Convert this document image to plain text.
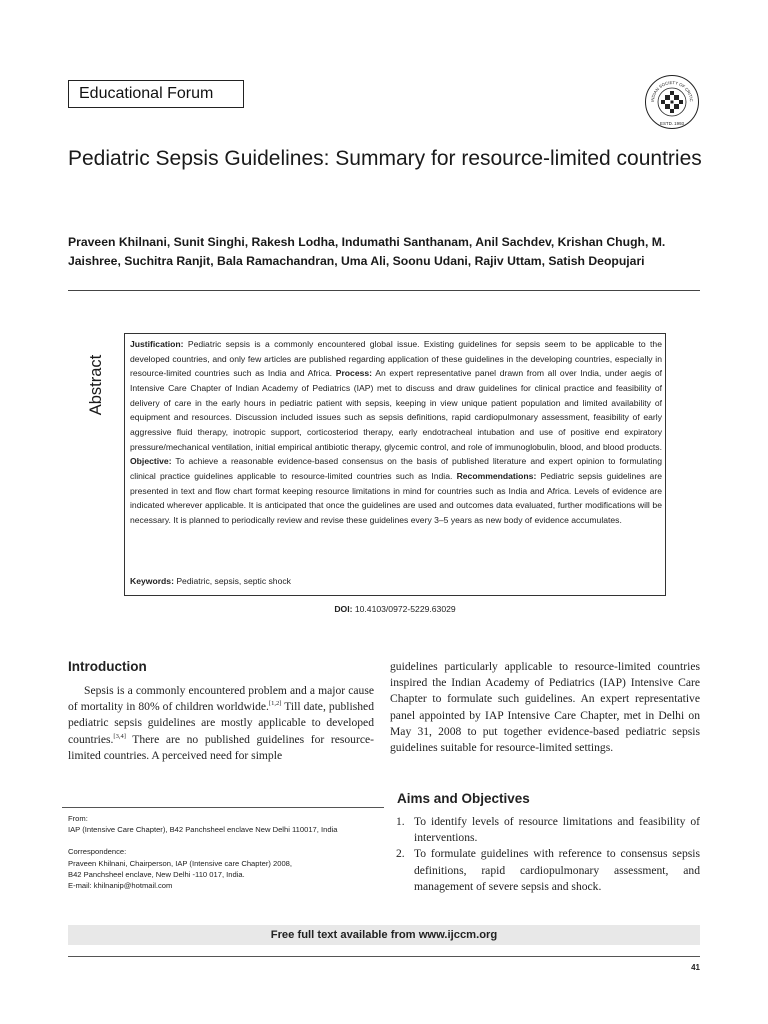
Educational Forum	INDIAN SOCIETY OF CRITIC
ESTD. 1993
Pediatric Sepsis Guidelines: Summary for resource-limited countries
Praveen Khilnani, Sunit Singhi, Rakesh Lodha, Indumathi Santhanam, Anil Sachdev, Krishan Chugh, M. Jaishree, Suchitra Ranjit, Bala Ramachandran, Uma Ali, Soonu Udani, Rajiv Uttam, Satish Deopujari
Abstract
Justification: Pediatric sepsis is a commonly encountered global issue. Existing guidelines for sepsis seem to be applicable to the developed countries, and only few articles are published regarding application of these guidelines in the developing countries, especially in resource-limited countries such as India and Africa. Process: An expert representative panel drawn from all over India, under aegis of Intensive Care Chapter of Indian Academy of Pediatrics (IAP) met to discuss and draw guidelines for clinical practice and feasibility of delivery of care in the early hours in pediatric patient with sepsis, keeping in view unique patient population and limited availability of equipment and resources. Discussion included issues such as sepsis definitions, rapid cardiopulmonary assessment, feasibility of early aggressive fluid therapy, inotropic support, corticosteriod therapy, early endotracheal intubation and use of positive end expiratory pressure/mechanical ventilation, initial empirical antibiotic therapy, glycemic control, and role of immunoglobulin, blood, and blood products. Objective: To achieve a reasonable evidence-based consensus on the basis of published literature and expert opinion to formulating clinical practice guidelines applicable to resource-limited countries such as India. Recommendations: Pediatric sepsis guidelines are presented in text and flow chart format keeping resource limitations in mind for countries such as India and Africa. Levels of evidence are indicated wherever applicable. It is anticipated that once the guidelines are used and outcomes data evaluated, further modifications will be necessary. It is planned to periodically review and revise these guidelines every 3–5 years as new body of evidence accumulates.
Keywords: Pediatric, sepsis, septic shock
DOI: 10.4103/0972-5229.63029
Introduction

Sepsis is a commonly encountered problem and a major cause of mortality in 80% of children worldwide.[1,2] Till date, published pediatric sepsis guidelines are mostly applicable to developed countries.[3,4] There are no published guidelines for resource-limited countries. A perceived need for simple

guidelines particularly applicable to resource-limited countries inspired the Indian Academy of Pediatrics (IAP) Intensive Care Chapter to formulate such guidelines. An expert representative panel appointed by IAP Intensive Care Chapter, met in Delhi on May 31, 2008 to put together evidence-based pediatric sepsis guidelines suitable for resource-limited settings.

Aims and Objectives
1. To identify levels of resource limitations and feasibility of interventions.
2. To formulate guidelines with reference to consensus sepsis definitions, rapid cardiopulmonary assessment, and management of severe sepsis and shock.

From:

IAP (Intensive Care Chapter), B42 Panchsheel enclave New Delhi 110017, India

Correspondence:

Praveen Khilnani, Chairperson, IAP (Intensive care Chapter) 2008,

B42 Panchsheel enclave, New Delhi -110 017, India.

E-mail: khilnanip@hotmail.com

Free full text available from www.ijccm.org
41
